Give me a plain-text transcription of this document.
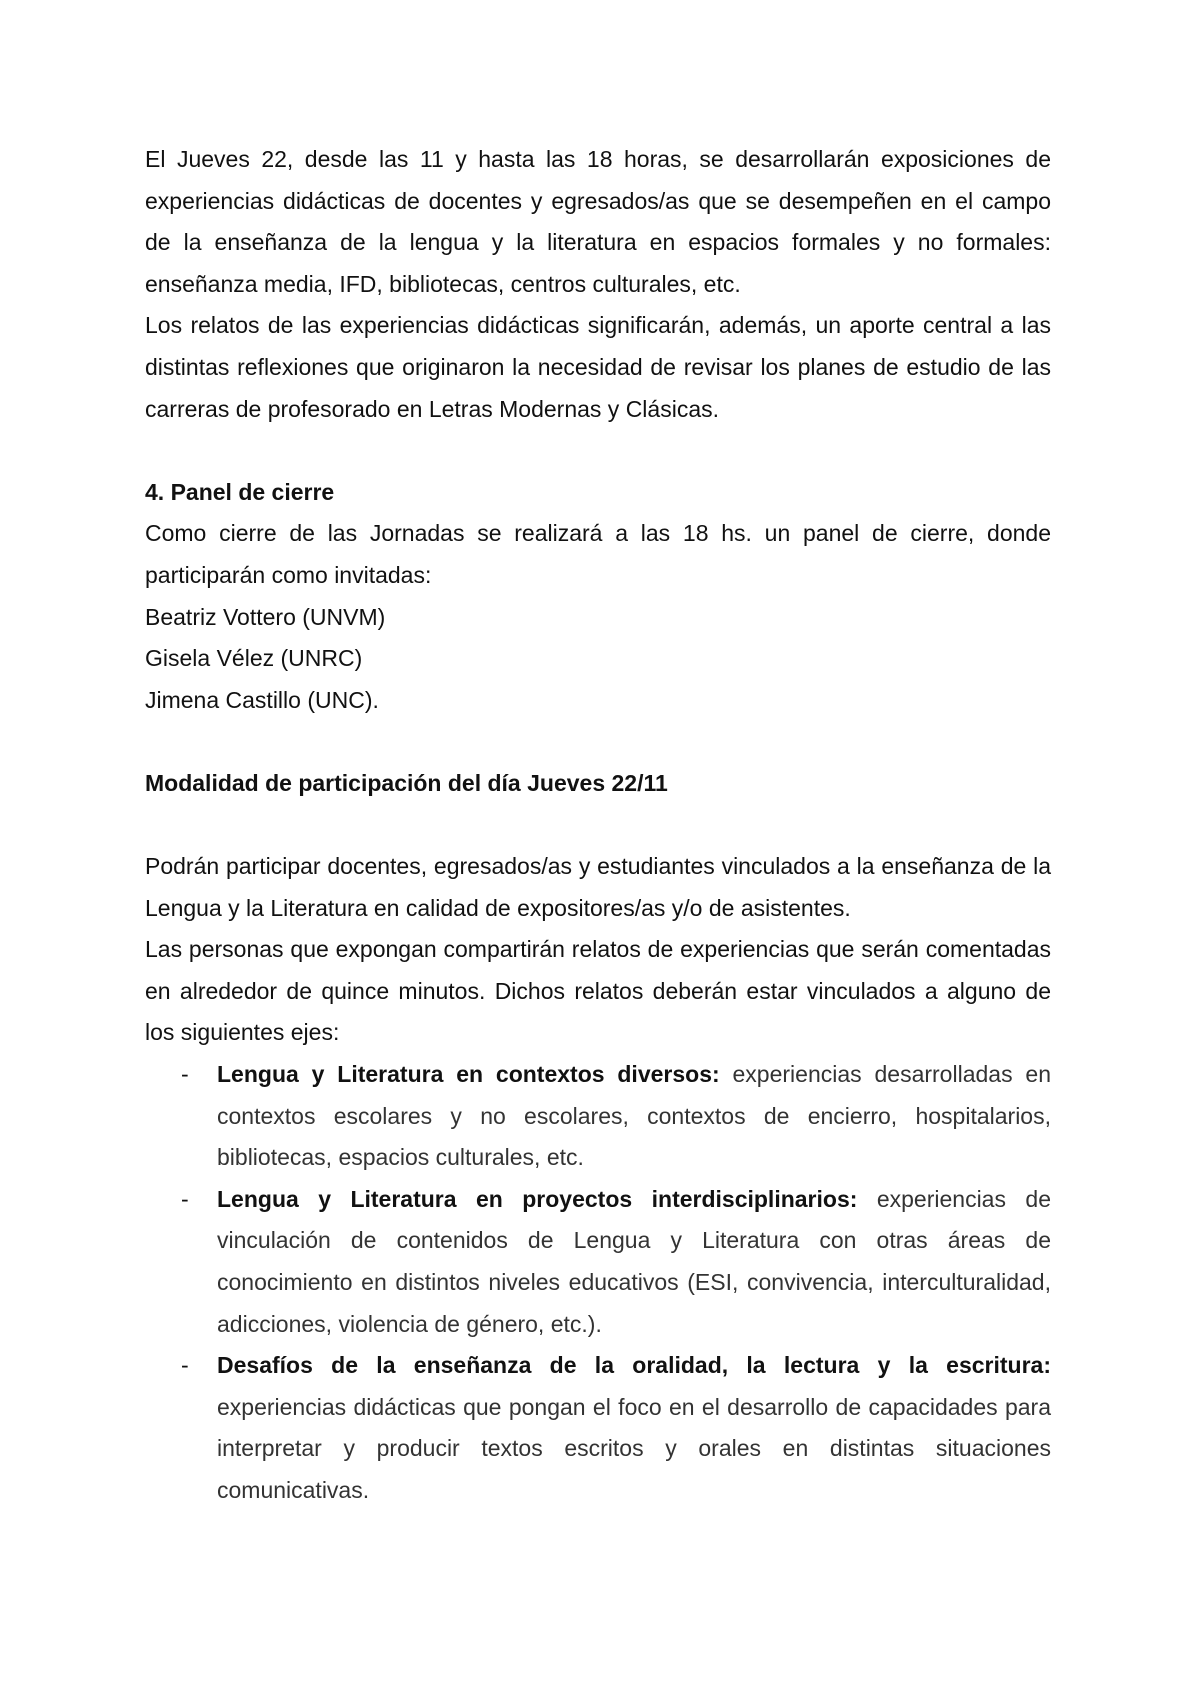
El Jueves 22, desde las 11 y hasta las 18 horas, se desarrollarán exposiciones de experiencias didácticas de docentes y egresados/as que se desempeñen en el campo de la enseñanza de la lengua y la literatura en espacios formales y no formales: enseñanza media, IFD, bibliotecas, centros culturales, etc.

Los relatos de las experiencias didácticas significarán, además, un aporte central a las distintas reflexiones que originaron la necesidad de revisar los planes de estudio de las carreras de profesorado en Letras Modernas y Clásicas.

4. Panel de cierre

Como cierre de las Jornadas se realizará a las 18 hs. un panel de cierre, donde participarán como invitadas:

Beatriz Vottero (UNVM)

Gisela Vélez (UNRC)

Jimena Castillo (UNC).

Modalidad de participación del día Jueves 22/11

Podrán participar docentes, egresados/as y estudiantes vinculados a la enseñanza de la Lengua y la Literatura en calidad de expositores/as y/o de asistentes.

Las personas que expongan compartirán relatos de experiencias que serán comentadas en alrededor de quince minutos. Dichos relatos deberán estar vinculados a alguno de los siguientes ejes:

- Lengua y Literatura en contextos diversos: experiencias desarrolladas en contextos escolares y no escolares, contextos de encierro, hospitalarios, bibliotecas, espacios culturales, etc.
- Lengua y Literatura en proyectos interdisciplinarios: experiencias de vinculación de contenidos de Lengua y Literatura con otras áreas de conocimiento en distintos niveles educativos (ESI, convivencia, interculturalidad, adicciones, violencia de género, etc.).
- Desafíos de la enseñanza de la oralidad, la lectura y la escritura: experiencias didácticas que pongan el foco en el desarrollo de capacidades para interpretar y producir textos escritos y orales en distintas situaciones comunicativas.
